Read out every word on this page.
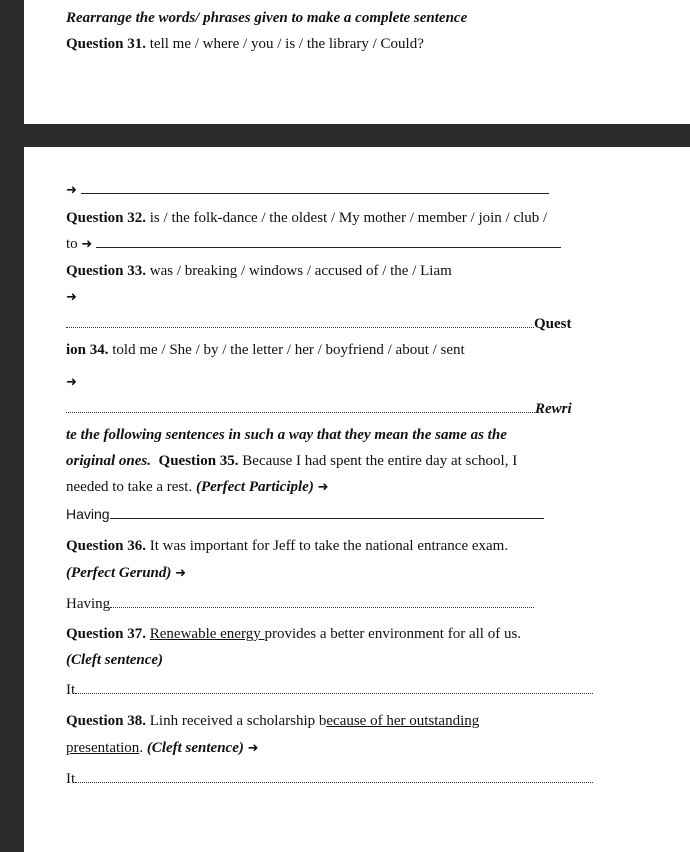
Rearrange the words/ phrases given to make a complete sentence
Question 31. tell me / where / you / is / the library / Could?
➜
Question 32. is / the folk-dance / the oldest / My mother / member / join / club /
to ➜
Question 33. was / breaking / windows / accused of / the / Liam
➜
Quest
ion 34. told me / She / by / the letter / her / boyfriend / about / sent
➜
Rewri
te the following sentences in such a way that they mean the same as the
original ones. Question 35. Because I had spent the entire day at school, I
needed to take a rest. (Perfect Participle) ➜
Having
Question 36. It was important for Jeff to take the national entrance exam.
(Perfect Gerund) ➜
Having
Question 37. Renewable energy provides a better environment for all of us.
(Cleft sentence)
It
Question 38. Linh received a scholarship because of her outstanding
presentation. (Cleft sentence) ➜
It
